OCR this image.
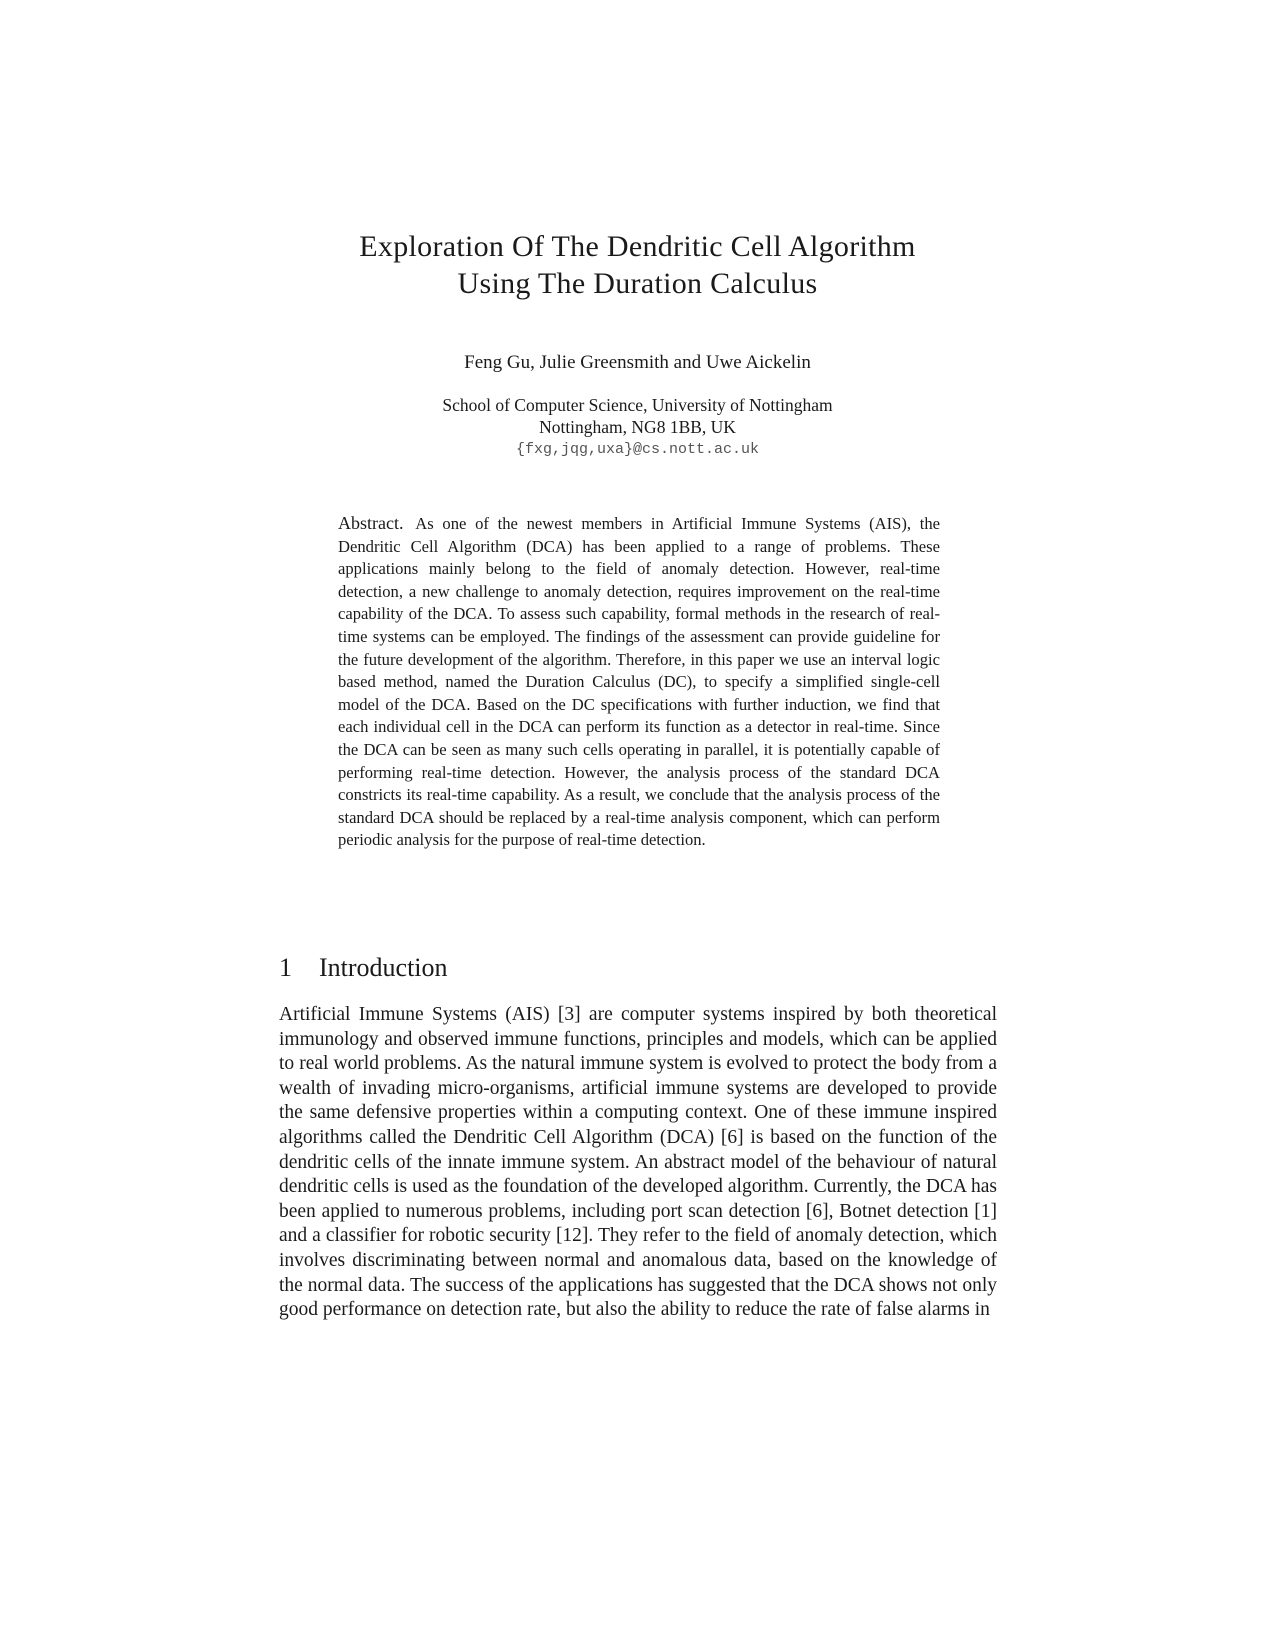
Exploration Of The Dendritic Cell Algorithm
Using The Duration Calculus
Feng Gu, Julie Greensmith and Uwe Aickelin
School of Computer Science, University of Nottingham
Nottingham, NG8 1BB, UK
{fxg,jqg,uxa}@cs.nott.ac.uk

Abstract. As one of the newest members in Artificial Immune Systems (AIS), the Dendritic Cell Algorithm (DCA) has been applied to a range of problems. These applications mainly belong to the field of anomaly detection. However, real-time detection, a new challenge to anomaly detection, requires improvement on the real-time capability of the DCA. To assess such capability, formal methods in the research of real-time systems can be employed. The findings of the assessment can provide guideline for the future development of the algorithm. Therefore, in this paper we use an interval logic based method, named the Duration Calculus (DC), to specify a simplified single-cell model of the DCA. Based on the DC specifications with further induction, we find that each individual cell in the DCA can perform its function as a detector in real-time. Since the DCA can be seen as many such cells operating in parallel, it is potentially capable of performing real-time detection. However, the analysis process of the standard DCA constricts its real-time capability. As a result, we conclude that the analysis process of the standard DCA should be replaced by a real-time analysis component, which can perform periodic analysis for the purpose of real-time detection.

1 Introduction

Artificial Immune Systems (AIS) [3] are computer systems inspired by both theoretical immunology and observed immune functions, principles and models, which can be applied to real world problems. As the natural immune system is evolved to protect the body from a wealth of invading micro-organisms, artificial immune systems are developed to provide the same defensive properties within a computing context. One of these immune inspired algorithms called the Dendritic Cell Algorithm (DCA) [6] is based on the function of the dendritic cells of the innate immune system. An abstract model of the behaviour of natural dendritic cells is used as the foundation of the developed algorithm. Currently, the DCA has been applied to numerous problems, including port scan detection [6], Botnet detection [1] and a classifier for robotic security [12]. They refer to the field of anomaly detection, which involves discriminating between normal and anomalous data, based on the knowledge of the normal data. The success of the applications has suggested that the DCA shows not only good performance on detection rate, but also the ability to reduce the rate of false alarms in
